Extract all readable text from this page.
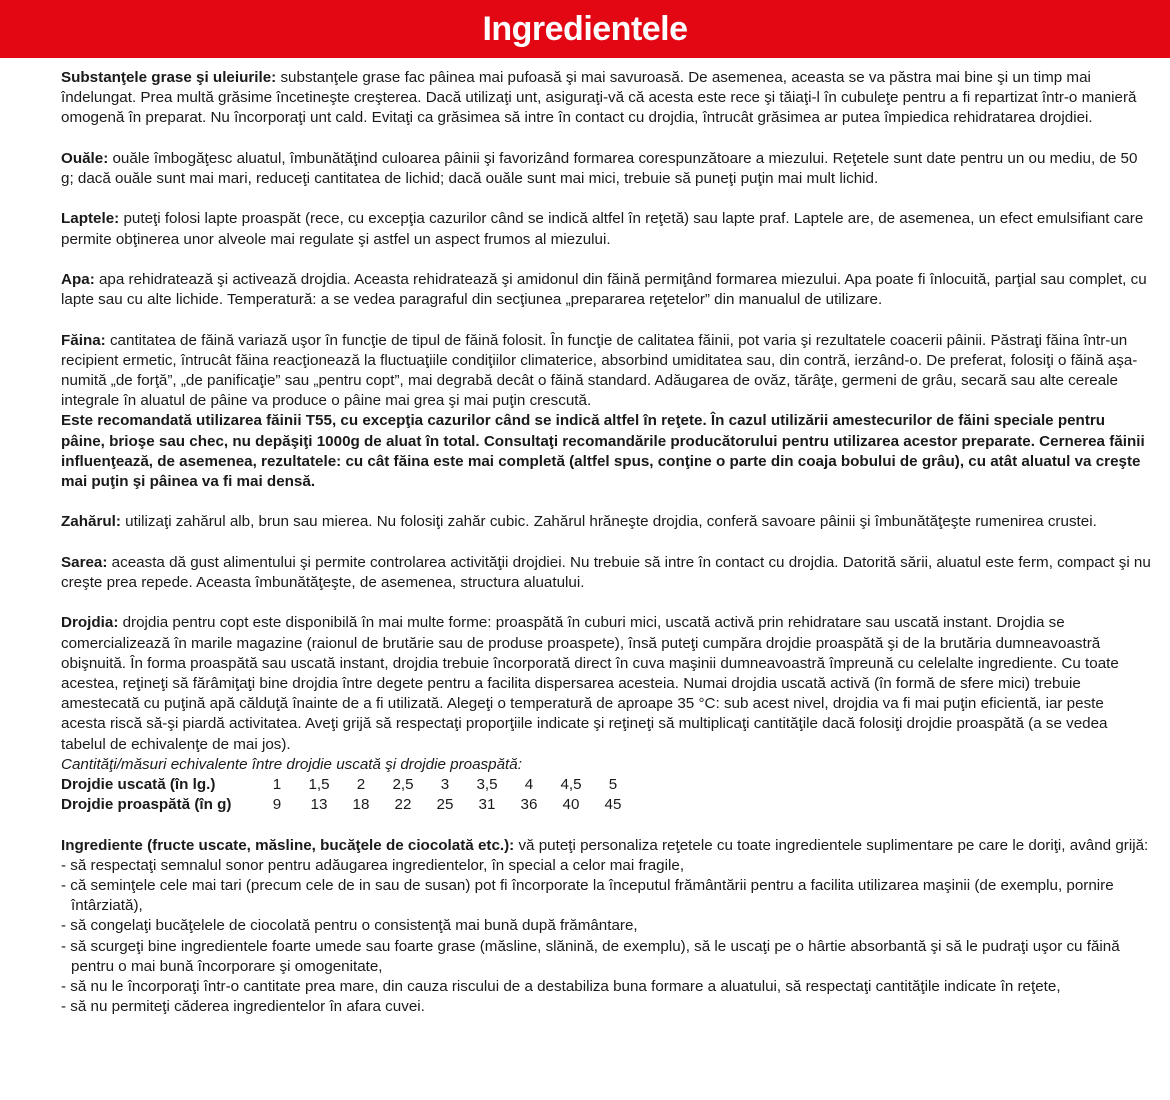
Ingredientele

Substanţele grase şi uleiurile: substanţele grase fac pâinea mai pufoasă şi mai savuroasă. De asemenea, aceasta se va păstra mai bine şi un timp mai îndelungat. Prea multă grăsime încetineşte creşterea. Dacă utilizaţi unt, asiguraţi-vă că acesta este rece şi tăiaţi-l în cubuleţe pentru a fi repartizat într-o manieră omogenă în preparat. Nu încorporaţi unt cald. Evitaţi ca grăsimea să intre în contact cu drojdia, întrucât grăsimea ar putea împiedica rehidratarea drojdiei.

Ouăle: ouăle îmbogăţesc aluatul, îmbunătăţind culoarea pâinii şi favorizând formarea corespunzătoare a miezului. Reţetele sunt date pentru un ou mediu, de 50 g; dacă ouăle sunt mai mari, reduceţi cantitatea de lichid; dacă ouăle sunt mai mici, trebuie să puneţi puţin mai mult lichid.

Laptele: puteţi folosi lapte proaspăt (rece, cu excepţia cazurilor când se indică altfel în reţetă) sau lapte praf. Laptele are, de asemenea, un efect emulsifiant care permite obţinerea unor alveole mai regulate şi astfel un aspect frumos al miezului.

Apa: apa rehidratează şi activează drojdia. Aceasta rehidratează şi amidonul din făină permiţând formarea miezului. Apa poate fi înlocuită, parţial sau complet, cu lapte sau cu alte lichide. Temperatură: a se vedea paragraful din secţiunea „prepararea reţetelor” din manualul de utilizare.

Făina: cantitatea de făină variază uşor în funcţie de tipul de făină folosit. În funcţie de calitatea făinii, pot varia şi rezultatele coacerii pâinii. Păstraţi făina într-un recipient ermetic, întrucât făina reacţionează la fluctuaţiile condiţiilor climaterice, absorbind umiditatea sau, din contră, ierzând-o. De preferat, folosiţi o făină aşa-numită „de forţă”, „de panificaţie” sau „pentru copt”, mai degrabă decât o făină standard. Adăugarea de ovăz, tărâţe, germeni de grâu, secară sau alte cereale integrale în aluatul de pâine va produce o pâine mai grea şi mai puţin crescută.
Este recomandată utilizarea făinii T55, cu excepţia cazurilor când se indică altfel în reţete. În cazul utilizării amestecurilor de făini speciale pentru pâine, brioşe sau chec, nu depăşiţi 1000g de aluat în total. Consultaţi recomandările producătorului pentru utilizarea acestor preparate. Cernerea făinii influenţează, de asemenea, rezultatele: cu cât făina este mai completă (altfel spus, conţine o parte din coaja bobului de grâu), cu atât aluatul va creşte mai puţin şi pâinea va fi mai densă.

Zahărul: utilizaţi zahărul alb, brun sau mierea. Nu folosiţi zahăr cubic. Zahărul hrăneşte drojdia, conferă savoare pâinii şi îmbunătăţeşte rumenirea crustei.

Sarea: aceasta dă gust alimentului şi permite controlarea activităţii drojdiei. Nu trebuie să intre în contact cu drojdia. Datorită sării, aluatul este ferm, compact şi nu creşte prea repede. Aceasta îmbunătăţeşte, de asemenea, structura aluatului.

Drojdia: drojdia pentru copt este disponibilă în mai multe forme: proaspătă în cuburi mici, uscată activă prin rehidratare sau uscată instant. Drojdia se comercializează în marile magazine (raionul de brutărie sau de produse proaspete), însă puteţi cumpăra drojdie proaspătă şi de la brutăria dumneavoastră obişnuită. În forma proaspătă sau uscată instant, drojdia trebuie încorporată direct în cuva maşinii dumneavoastră împreună cu celelalte ingrediente. Cu toate acestea, reţineţi să fărâmiţaţi bine drojdia între degete pentru a facilita dispersarea acesteia. Numai drojdia uscată activă (în formă de sfere mici) trebuie amestecată cu puţină apă călduţă înainte de a fi utilizată. Alegeţi o temperatură de aproape 35 °C: sub acest nivel, drojdia va fi mai puţin eficientă, iar peste acesta riscă să-şi piardă activitatea. Aveţi grijă să respectaţi proporţiile indicate şi reţineţi să multiplicaţi cantităţile dacă folosiţi drojdie proaspătă (a se vedea tabelul de echivalenţe de mai jos).
Cantităţi/măsuri echivalente între drojdie uscată şi drojdie proaspătă:
Drojdie uscată (în lg.)	1	1,5	2	2,5	3	3,5	4	4,5	5
Drojdie proaspătă (în g)	9	13	18	22	25	31	36	40	45
Ingrediente (fructe uscate, măsline, bucăţele de ciocolată etc.): vă puteţi personaliza reţetele cu toate ingredientele suplimentare pe care le doriţi, având grijă:
- să respectaţi semnalul sonor pentru adăugarea ingredientelor, în special a celor mai fragile,
- că seminţele cele mai tari (precum cele de in sau de susan) pot fi încorporate la începutul frământării pentru a facilita utilizarea maşinii (de exemplu, pornire întârziată),
- să congelaţi bucăţelele de ciocolată pentru o consistenţă mai bună după frământare,
- să scurgeţi bine ingredientele foarte umede sau foarte grase (măsline, slănină, de exemplu), să le uscaţi pe o hârtie absorbantă şi să le pudraţi uşor cu făină pentru o mai bună încorporare şi omogenitate,
- să nu le încorporaţi într-o cantitate prea mare, din cauza riscului de a destabiliza buna formare a aluatului, să respectaţi cantităţile indicate în reţete,
- să nu permiteţi căderea ingredientelor în afara cuvei.
